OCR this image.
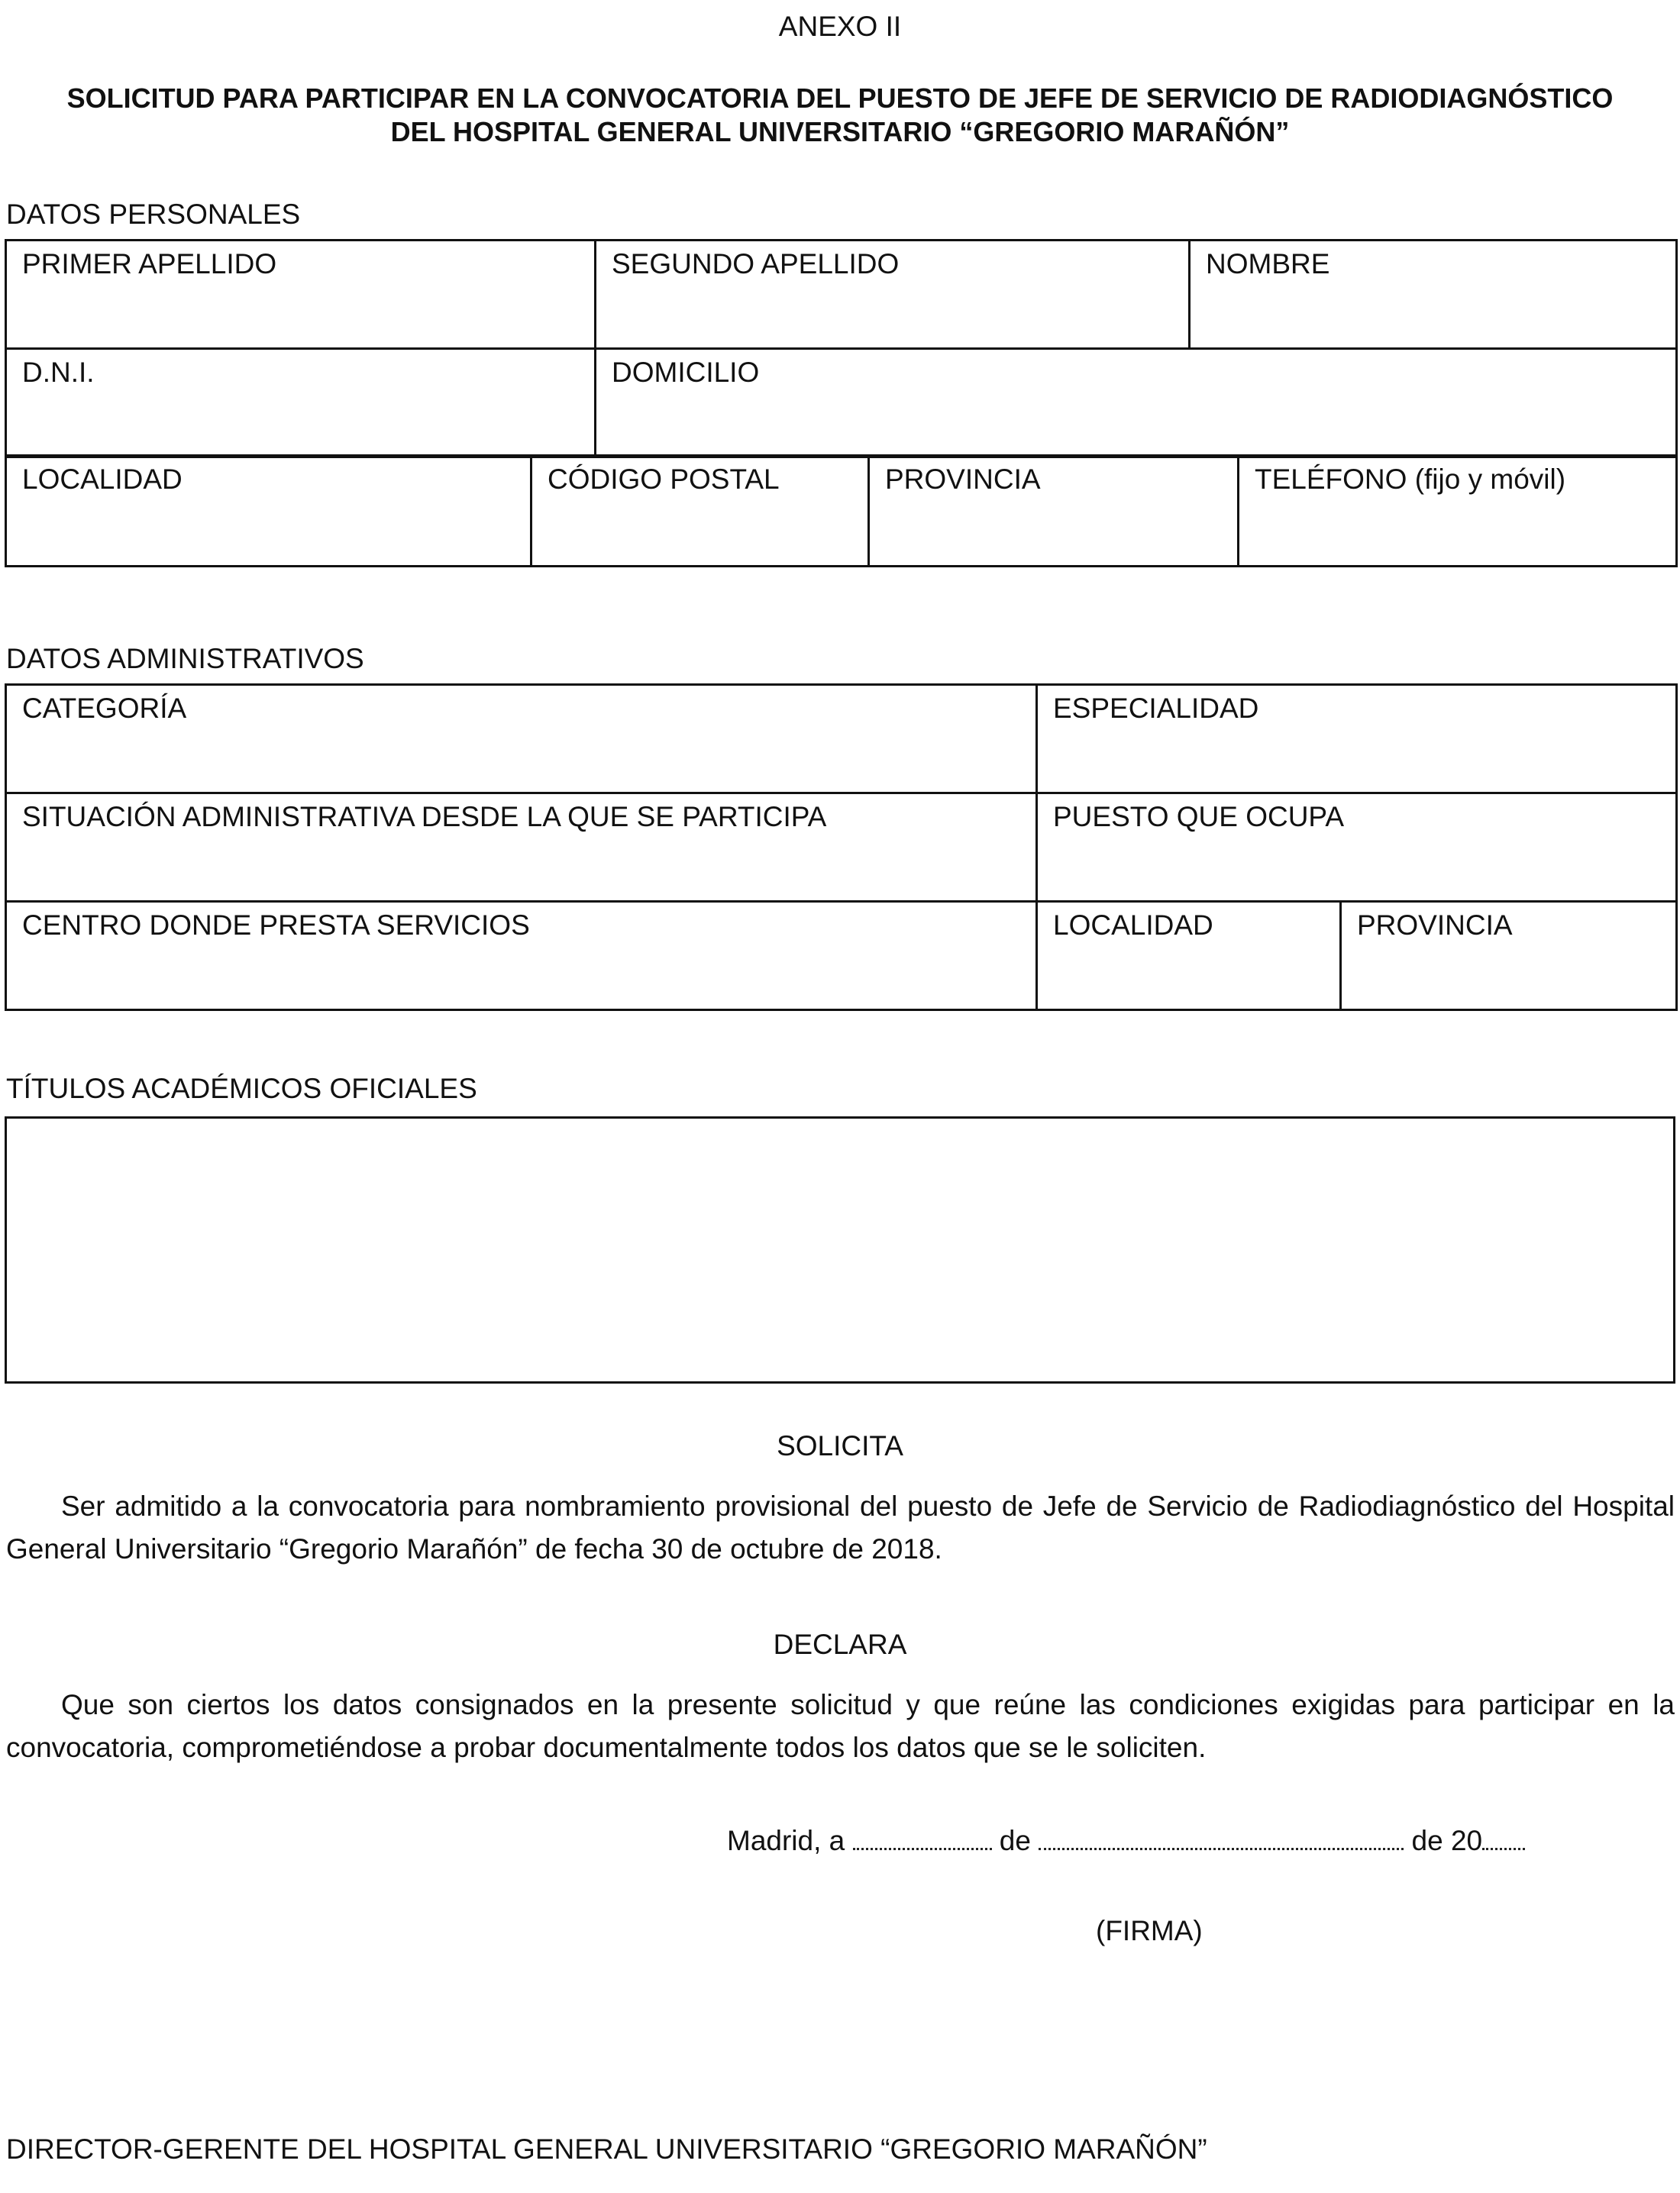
ANEXO II
SOLICITUD PARA PARTICIPAR EN LA CONVOCATORIA DEL PUESTO DE JEFE DE SERVICIO DE RADIODIAGNÓSTICO
DEL HOSPITAL GENERAL UNIVERSITARIO “GREGORIO MARAÑÓN”
DATOS PERSONALES
PRIMER APELLIDO	SEGUNDO APELLIDO	NOMBRE
D.N.I.	DOMICILIO	
LOCALIDAD	CÓDIGO POSTAL	PROVINCIA	TELÉFONO (fijo y móvil)
DATOS ADMINISTRATIVOS
CATEGORÍA	ESPECIALIDAD	
SITUACIÓN ADMINISTRATIVA DESDE LA QUE SE PARTICIPA	PUESTO QUE OCUPA	
CENTRO DONDE PRESTA SERVICIOS	LOCALIDAD	PROVINCIA
TÍTULOS ACADÉMICOS OFICIALES
SOLICITA
Ser admitido a la convocatoria para nombramiento provisional del puesto de Jefe de Servicio de Radiodiagnóstico del Hospital General Universitario “Gregorio Marañón” de fecha 30 de octubre de 2018.
DECLARA
Que son ciertos los datos consignados en la presente solicitud y que reúne las condiciones exigidas para participar en la convocatoria, comprometiéndose a probar documentalmente todos los datos que se le soliciten.
Madrid, a	de	de 20
(FIRMA)
DIRECTOR-GERENTE DEL HOSPITAL GENERAL UNIVERSITARIO “GREGORIO MARAÑÓN”
